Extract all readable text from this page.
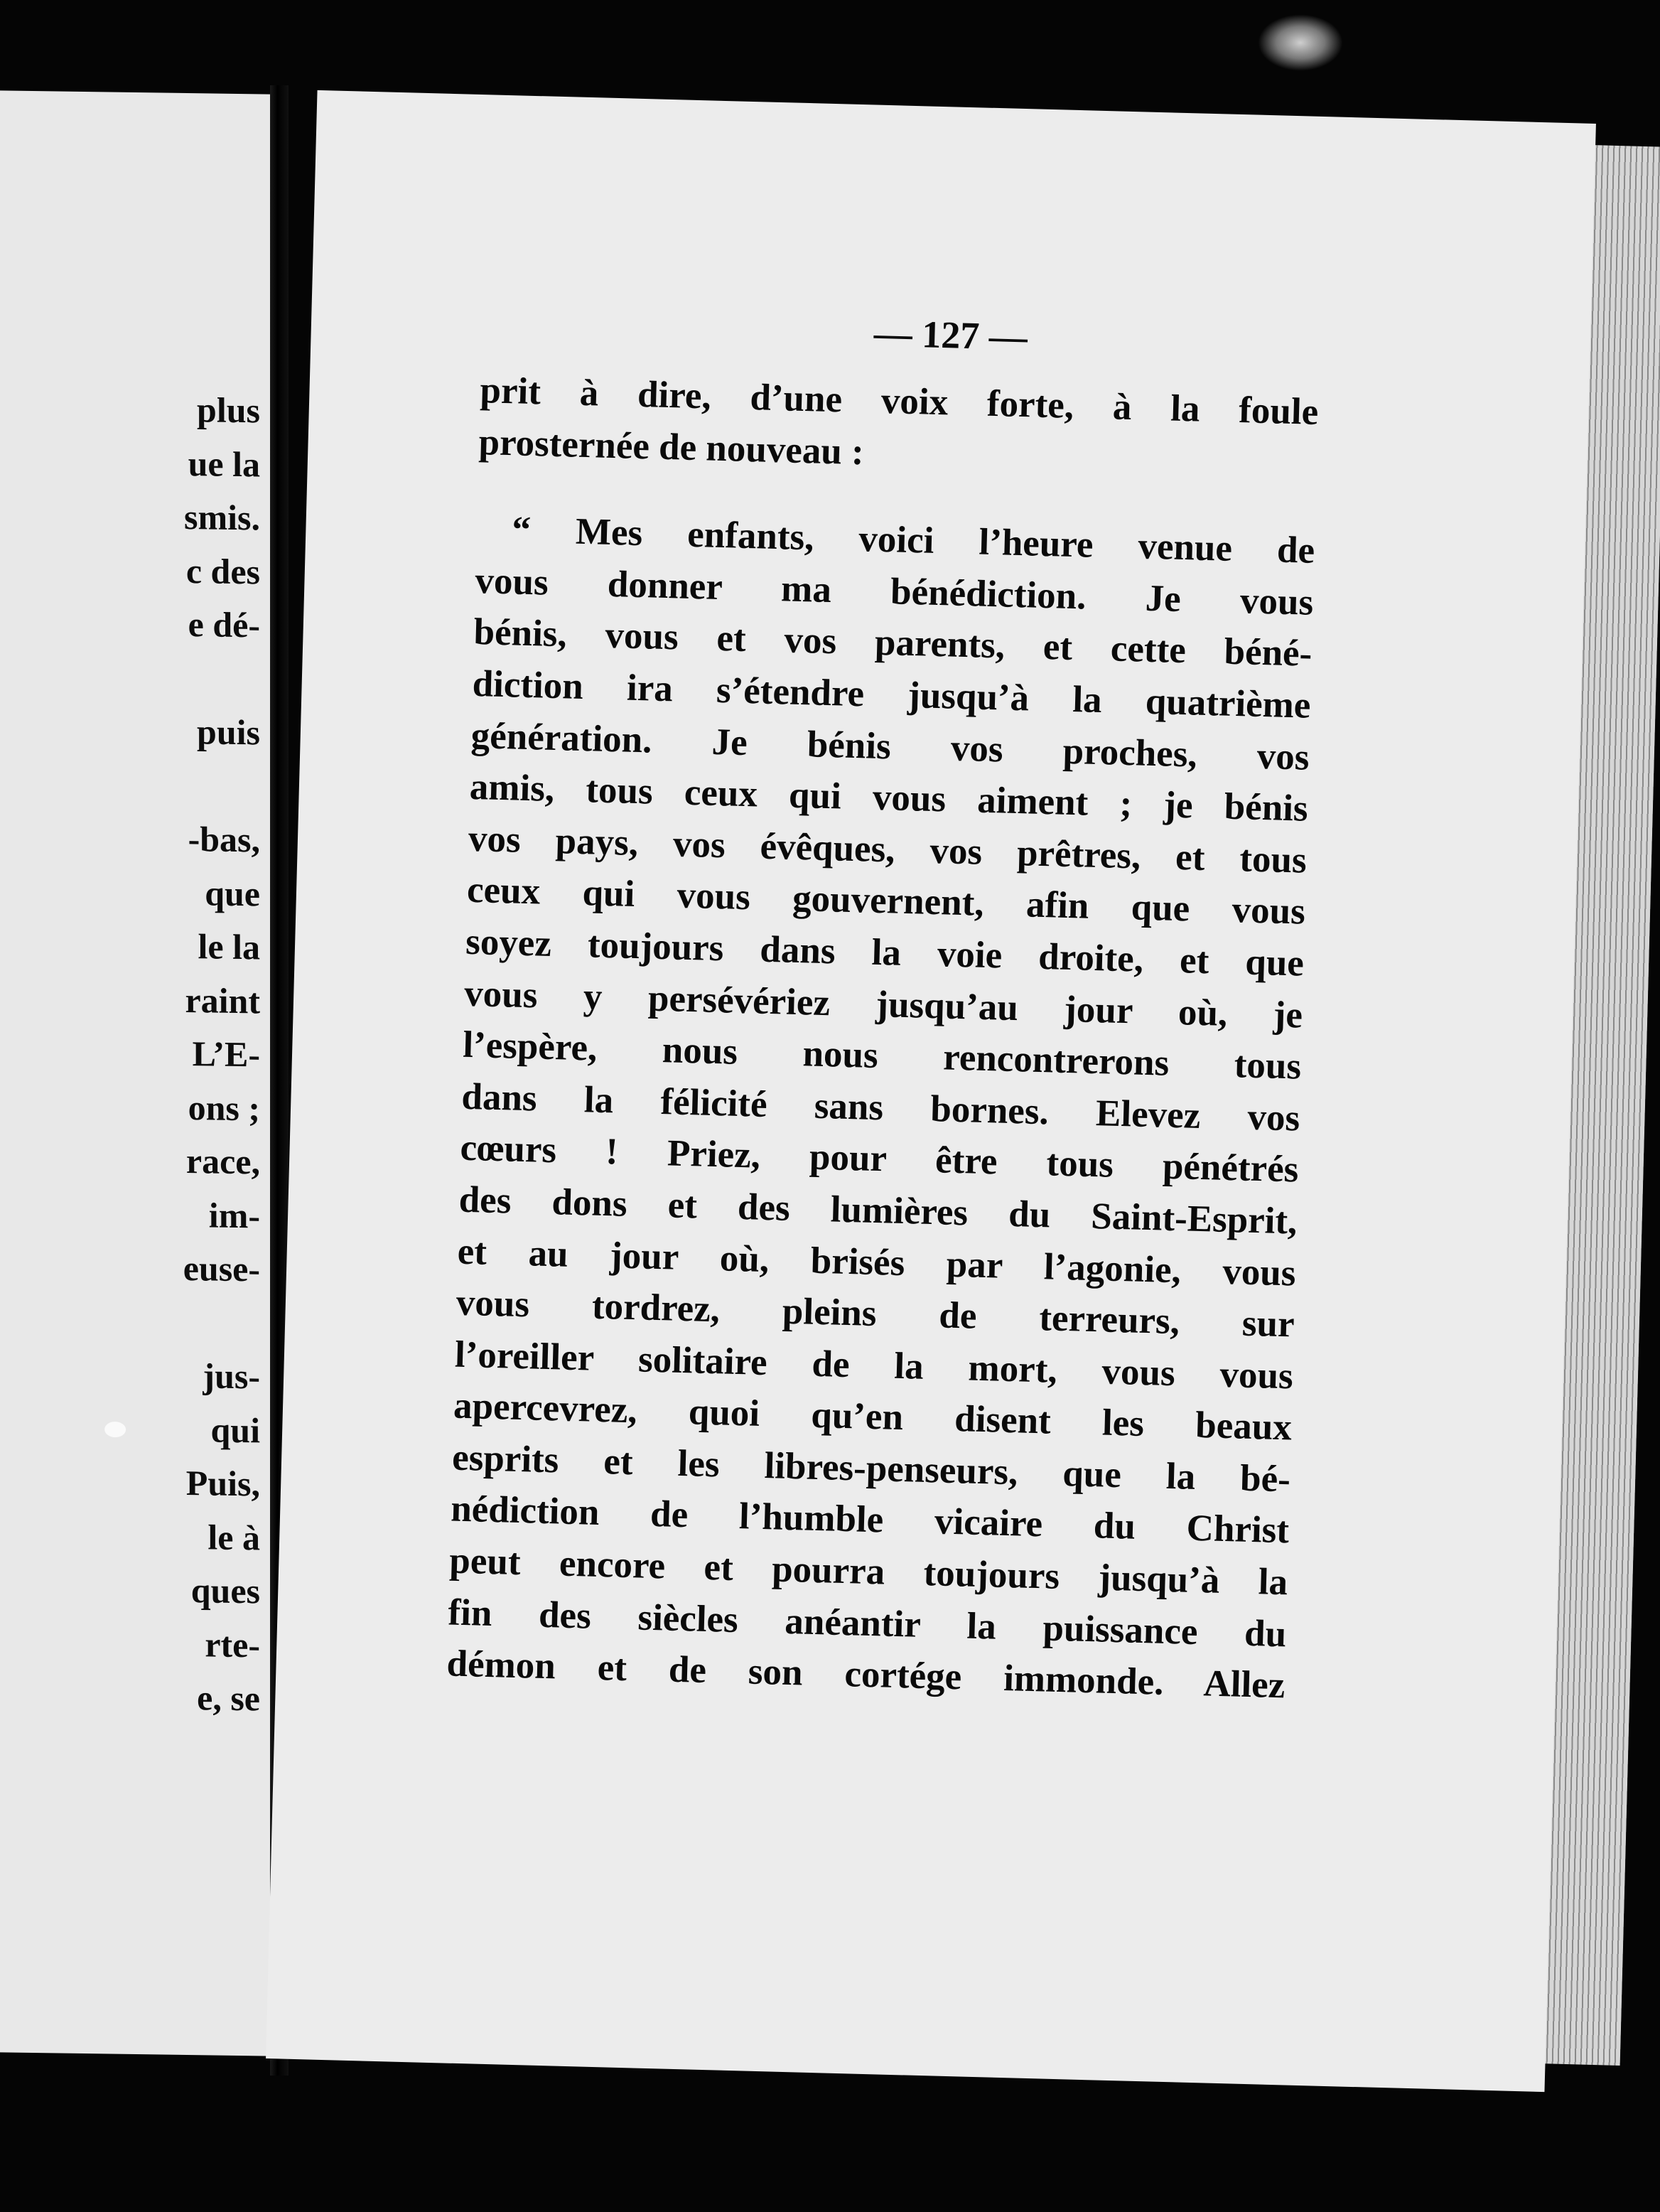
plus
ue la
smis.
c des
e dé-
puis
-bas,
que
le la
raint
L’E-
ons ;
race,
im-
euse-
jus-
qui
Puis,
le à
ques
rte-
e, se
— 127 —
prit à dire, d’une voix forte, à la foule
prosternée de nouveau :
“ Mes enfants, voici l’heure venue de
vous donner ma bénédiction. Je vous
bénis, vous et vos parents, et cette béné-
diction ira s’étendre jusqu’à la quatrième
génération. Je bénis vos proches, vos
amis, tous ceux qui vous aiment ; je bénis
vos pays, vos évêques, vos prêtres, et tous
ceux qui vous gouvernent, afin que vous
soyez toujours dans la voie droite, et que
vous y persévériez jusqu’au jour où, je
l’espère, nous nous rencontrerons tous
dans la félicité sans bornes. Elevez vos
cœurs ! Priez, pour être tous pénétrés
des dons et des lumières du Saint-Esprit,
et au jour où, brisés par l’agonie, vous
vous tordrez, pleins de terreurs, sur
l’oreiller solitaire de la mort, vous vous
apercevrez, quoi qu’en disent les beaux
esprits et les libres-penseurs, que la bé-
nédiction de l’humble vicaire du Christ
peut encore et pourra toujours jusqu’à la
fin des siècles anéantir la puissance du
démon et de son cortége immonde. Allez
